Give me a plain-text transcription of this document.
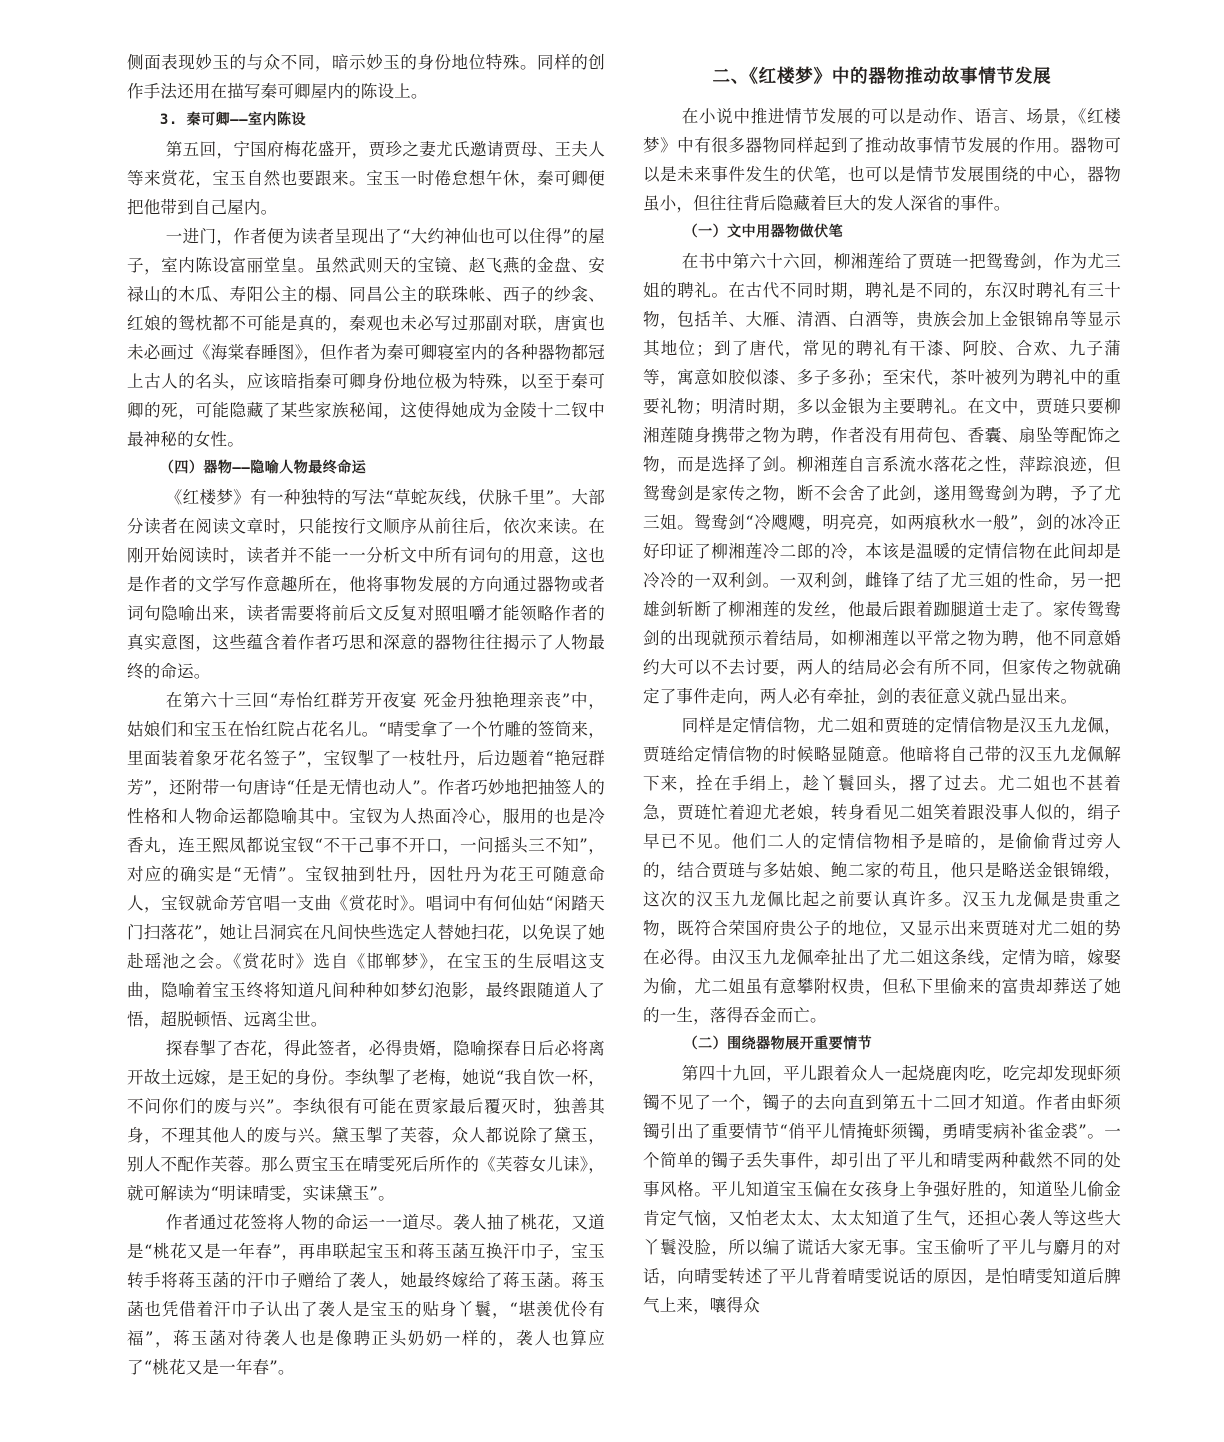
侧面表现妙玉的与众不同，暗示妙玉的身份地位特殊。同样的创作手法还用在描写秦可卿屋内的陈设上。

3. 秦可卿——室内陈设

第五回，宁国府梅花盛开，贾珍之妻尤氏邀请贾母、王夫人等来赏花，宝玉自然也要跟来。宝玉一时倦怠想午休，秦可卿便把他带到自己屋内。

一进门，作者便为读者呈现出了“大约神仙也可以住得”的屋子，室内陈设富丽堂皇。虽然武则天的宝镜、赵飞燕的金盘、安禄山的木瓜、寿阳公主的榻、同昌公主的联珠帐、西子的纱衾、红娘的鸳枕都不可能是真的，秦观也未必写过那副对联，唐寅也未必画过《海棠春睡图》，但作者为秦可卿寝室内的各种器物都冠上古人的名头，应该暗指秦可卿身份地位极为特殊，以至于秦可卿的死，可能隐藏了某些家族秘闻，这使得她成为金陵十二钗中最神秘的女性。

（四）器物——隐喻人物最终命运

《红楼梦》有一种独特的写法“草蛇灰线，伏脉千里”。大部分读者在阅读文章时，只能按行文顺序从前往后，依次来读。在刚开始阅读时，读者并不能一一分析文中所有词句的用意，这也是作者的文学写作意趣所在，他将事物发展的方向通过器物或者词句隐喻出来，读者需要将前后文反复对照咀嚼才能领略作者的真实意图，这些蕴含着作者巧思和深意的器物往往揭示了人物最终的命运。

在第六十三回“寿怡红群芳开夜宴 死金丹独艳理亲丧”中，姑娘们和宝玉在怡红院占花名儿。“晴雯拿了一个竹雕的签筒来，里面装着象牙花名签子”，宝钗掣了一枝牡丹，后边题着“艳冠群芳”，还附带一句唐诗“任是无情也动人”。作者巧妙地把抽签人的性格和人物命运都隐喻其中。宝钗为人热面冷心，服用的也是冷香丸，连王熙凤都说宝钗“不干己事不开口，一问摇头三不知”，对应的确实是“无情”。宝钗抽到牡丹，因牡丹为花王可随意命人，宝钗就命芳官唱一支曲《赏花时》。唱词中有何仙姑“闲踏天门扫落花”，她让吕洞宾在凡间快些选定人替她扫花，以免误了她赴瑶池之会。《赏花时》选自《邯郸梦》，在宝玉的生辰唱这支曲，隐喻着宝玉终将知道凡间种种如梦幻泡影，最终跟随道人了悟，超脱顿悟、远离尘世。

探春掣了杏花，得此签者，必得贵婿，隐喻探春日后必将离开故土远嫁，是王妃的身份。李纨掣了老梅，她说“我自饮一杯，不问你们的废与兴”。李纨很有可能在贾家最后覆灭时，独善其身，不理其他人的废与兴。黛玉掣了芙蓉，众人都说除了黛玉，别人不配作芙蓉。那么贾宝玉在晴雯死后所作的《芙蓉女儿诔》，就可解读为“明诔晴雯，实诔黛玉”。

作者通过花签将人物的命运一一道尽。袭人抽了桃花，又道是“桃花又是一年春”，再串联起宝玉和蒋玉菡互换汗巾子，宝玉转手将蒋玉菡的汗巾子赠给了袭人，她最终嫁给了蒋玉菡。蒋玉菡也凭借着汗巾子认出了袭人是宝玉的贴身丫鬟，“堪羡优伶有福”，蒋玉菡对待袭人也是像聘正头奶奶一样的，袭人也算应了“桃花又是一年春”。

二、《红楼梦》中的器物推动故事情节发展

在小说中推进情节发展的可以是动作、语言、场景，《红楼梦》中有很多器物同样起到了推动故事情节发展的作用。器物可以是未来事件发生的伏笔，也可以是情节发展围绕的中心，器物虽小，但往往背后隐藏着巨大的发人深省的事件。

（一）文中用器物做伏笔

在书中第六十六回，柳湘莲给了贾琏一把鸳鸯剑，作为尤三姐的聘礼。在古代不同时期，聘礼是不同的，东汉时聘礼有三十物，包括羊、大雁、清酒、白酒等，贵族会加上金银锦帛等显示其地位；到了唐代，常见的聘礼有干漆、阿胶、合欢、九子蒲等，寓意如胶似漆、多子多孙；至宋代，茶叶被列为聘礼中的重要礼物；明清时期，多以金银为主要聘礼。在文中，贾琏只要柳湘莲随身携带之物为聘，作者没有用荷包、香囊、扇坠等配饰之物，而是选择了剑。柳湘莲自言系流水落花之性，萍踪浪迹，但鸳鸯剑是家传之物，断不会舍了此剑，遂用鸳鸯剑为聘，予了尤三姐。鸳鸯剑“冷飕飕，明亮亮，如两痕秋水一般”，剑的冰冷正好印证了柳湘莲冷二郎的冷，本该是温暖的定情信物在此间却是冷冷的一双利剑。一双利剑，雌锋了结了尤三姐的性命，另一把雄剑斩断了柳湘莲的发丝，他最后跟着跏腿道士走了。家传鸳鸯剑的出现就预示着结局，如柳湘莲以平常之物为聘，他不同意婚约大可以不去讨要，两人的结局必会有所不同，但家传之物就确定了事件走向，两人必有牵扯，剑的表征意义就凸显出来。

同样是定情信物，尤二姐和贾琏的定情信物是汉玉九龙佩，贾琏给定情信物的时候略显随意。他暗将自己带的汉玉九龙佩解下来，拴在手绢上，趁丫鬟回头，撂了过去。尤二姐也不甚着急，贾琏忙着迎尤老娘，转身看见二姐笑着跟没事人似的，绢子早已不见。他们二人的定情信物相予是暗的，是偷偷背过旁人的，结合贾琏与多姑娘、鲍二家的苟且，他只是略送金银锦缎，这次的汉玉九龙佩比起之前要认真许多。汉玉九龙佩是贵重之物，既符合荣国府贵公子的地位，又显示出来贾琏对尤二姐的势在必得。由汉玉九龙佩牵扯出了尤二姐这条线，定情为暗，嫁娶为偷，尤二姐虽有意攀附权贵，但私下里偷来的富贵却葬送了她的一生，落得吞金而亡。

（二）围绕器物展开重要情节

第四十九回，平儿跟着众人一起烧鹿肉吃，吃完却发现虾须镯不见了一个，镯子的去向直到第五十二回才知道。作者由虾须镯引出了重要情节“俏平儿情掩虾须镯，勇晴雯病补雀金裘”。一个简单的镯子丢失事件，却引出了平儿和晴雯两种截然不同的处事风格。平儿知道宝玉偏在女孩身上争强好胜的，知道坠儿偷金肯定气恼，又怕老太太、太太知道了生气，还担心袭人等这些大丫鬟没脸，所以编了谎话大家无事。宝玉偷听了平儿与麝月的对话，向晴雯转述了平儿背着晴雯说话的原因，是怕晴雯知道后脾气上来，嚷得众
